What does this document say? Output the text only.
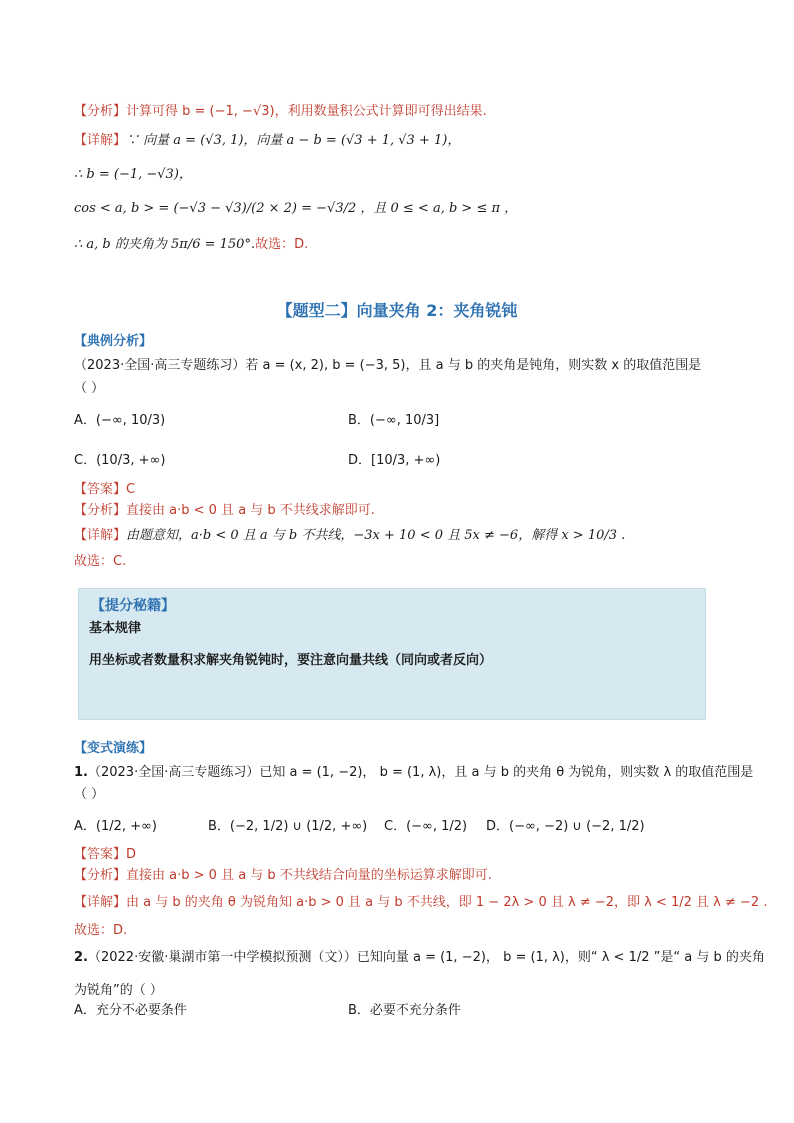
【分析】计算可得 b = (−1, −√3)，利用数量积公式计算即可得出结果.
【详解】∵ 向量 a = (√3, 1)，向量 a − b = (√3 + 1, √3 + 1)，
∴ b = (−1, −√3)，
cos < a, b > = (−√3 − √3)/(2 × 2) = −√3/2 ，且 0 ≤ < a, b > ≤ π ，
∴ a, b 的夹角为 5π/6 = 150°.故选：D.
【题型二】向量夹角 2：夹角锐钝
【典例分析】
（2023·全国·高三专题练习）若 a = (x, 2), b = (−3, 5)，且 a 与 b 的夹角是钝角，则实数 x 的取值范围是
（ ）
A．(−∞, 10/3)	B．(−∞, 10/3]
C．(10/3, +∞)	D．[10/3, +∞)
【答案】C
【分析】直接由 a·b < 0 且 a 与 b 不共线求解即可.
【详解】由题意知，a·b < 0 且 a 与 b 不共线，−3x + 10 < 0 且 5x ≠ −6，解得 x > 10/3 .
故选：C.
【提分秘籍】
基本规律
用坐标或者数量积求解夹角锐钝时，要注意向量共线（同向或者反向）
【变式演练】
1.（2023·全国·高三专题练习）已知 a = (1, −2)， b = (1, λ)，且 a 与 b 的夹角 θ 为锐角，则实数 λ 的取值范围是
（ ）
A．(1/2, +∞)	B．(−2, 1/2) ∪ (1/2, +∞) C．(−∞, 1/2) D．(−∞, −2) ∪ (−2, 1/2)
【答案】D
【分析】直接由 a·b > 0 且 a 与 b 不共线结合向量的坐标运算求解即可.
【详解】由 a 与 b 的夹角 θ 为锐角知 a·b > 0 且 a 与 b 不共线，即 1 − 2λ > 0 且 λ ≠ −2，即 λ < 1/2 且 λ ≠ −2 .
故选：D.
2.（2022·安徽·巢湖市第一中学模拟预测（文））已知向量 a = (1, −2)， b = (1, λ)，则“ λ < 1/2 ”是“ a 与 b 的夹角
为锐角”的（ ）
A．充分不必要条件	B．必要不充分条件
